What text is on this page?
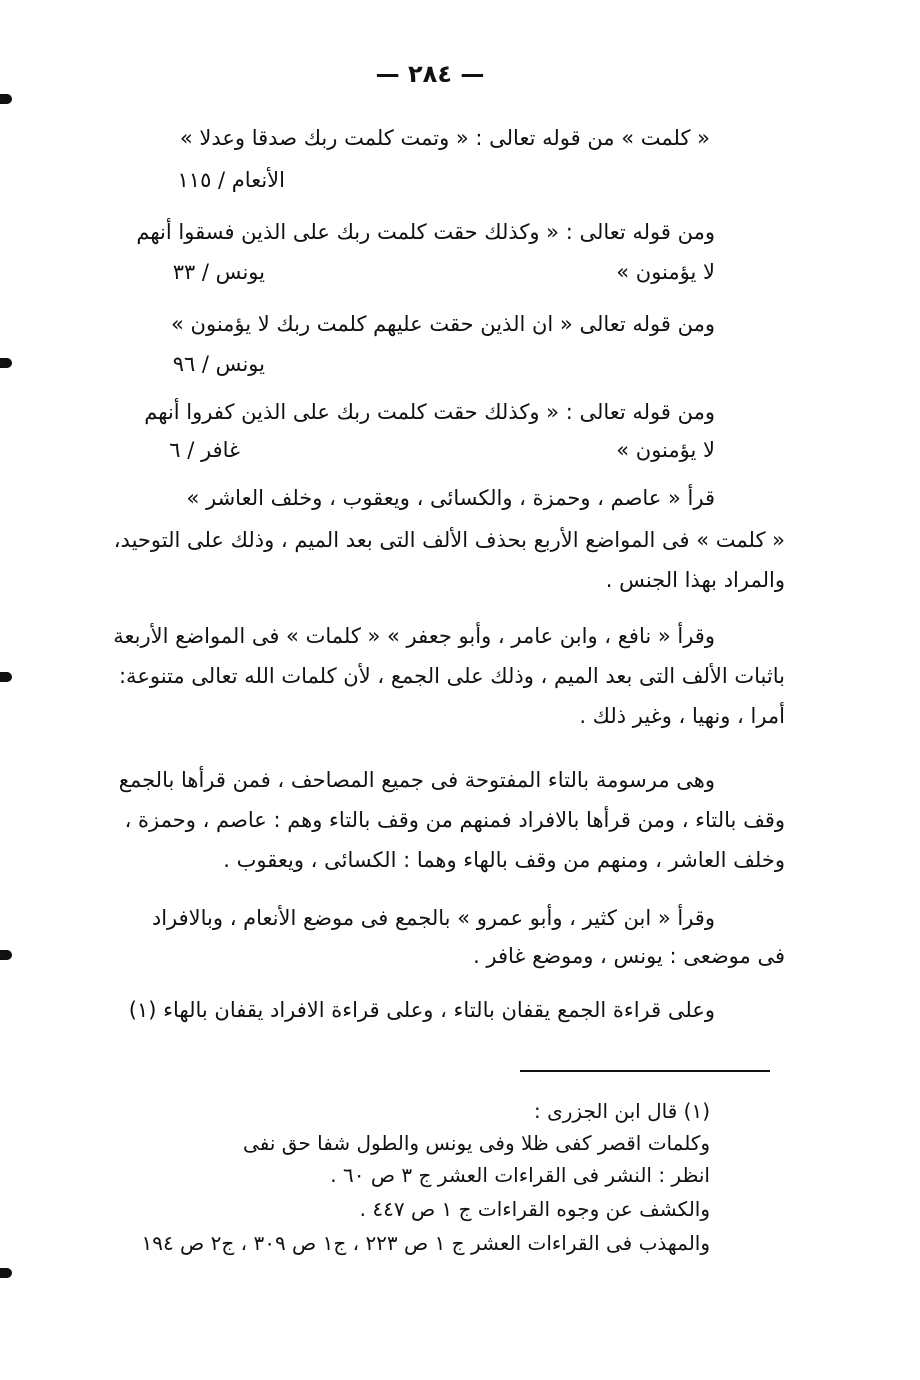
— ٢٨٤ —
« كلمت » من قوله تعالى : « وتمت كلمت ربك صدقا وعدلا »
الأنعام / ١١٥
ومن قوله تعالى : « وكذلك حقت كلمت ربك على الذين فسقوا أنهم
لا يؤمنون »
يونس / ٣٣
ومن قوله تعالى « ان الذين حقت عليهم كلمت ربك لا يؤمنون »
يونس / ٩٦
ومن قوله تعالى : « وكذلك حقت كلمت ربك على الذين كفروا أنهم
لا يؤمنون »
غافر / ٦
قرأ « عاصم ، وحمزة ، والكسائى ، ويعقوب ، وخلف العاشر »
« كلمت » فى المواضع الأربع بحذف الألف التى بعد الميم ، وذلك على التوحيد،
والمراد بهذا الجنس .
وقرأ « نافع ، وابن عامر ، وأبو جعفر » « كلمات » فى المواضع الأربعة
باثبات الألف التى بعد الميم ، وذلك على الجمع ، لأن كلمات الله تعالى متنوعة:
أمرا ، ونهيا ، وغير ذلك .
وهى مرسومة بالتاء المفتوحة فى جميع المصاحف ، فمن قرأها بالجمع
وقف بالتاء ، ومن قرأها بالافراد فمنهم من وقف بالتاء وهم : عاصم ، وحمزة ،
وخلف العاشر ، ومنهم من وقف بالهاء وهما : الكسائى ، ويعقوب .
وقرأ « ابن كثير ، وأبو عمرو » بالجمع فى موضع الأنعام ، وبالافراد
فى موضعى : يونس ، وموضع غافر .
وعلى قراءة الجمع يقفان بالتاء ، وعلى قراءة الافراد يقفان بالهاء (١)
(١) قال ابن الجزرى :
وكلمات اقصر كفى ظلا وفى يونس والطول شفا حق نفى
انظر : النشر فى القراءات العشر ج ٣ ص ٦٠ .
والكشف عن وجوه القراءات ج ١ ص ٤٤٧ .
والمهذب فى القراءات العشر ج ١ ص ٢٢٣ ، ج١ ص ٣٠٩ ، ج٢ ص ١٩٤
